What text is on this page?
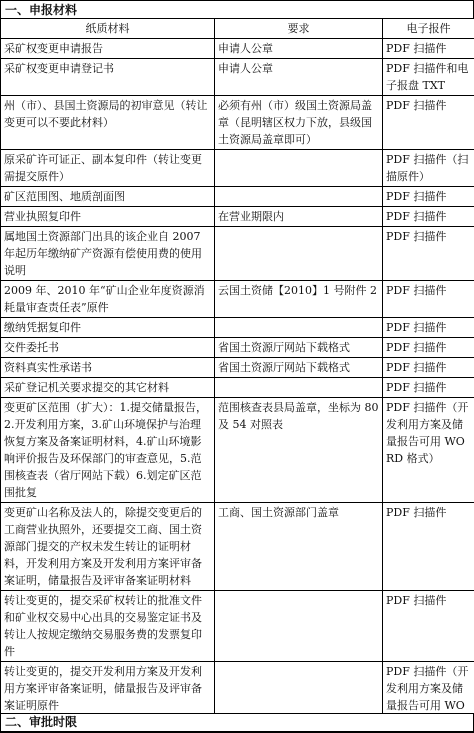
一、申报材料
纸质材料	要求	电子报件
采矿权变更申请报告	申请人公章	PDF 扫描件
采矿权变更申请登记书	申请人公章	PDF 扫描件和电子报盘 TXT
州（市）、县国土资源局的初审意见（转让变更可以不要此材料）	必须有州（市）级国土资源局盖章（昆明辖区权力下放，县级国土资源局盖章即可）	PDF 扫描件
原采矿许可证正、副本复印件（转让变更需提交原件）		PDF 扫描件（扫描原件）
矿区范围图、地质剖面图		PDF 扫描件
营业执照复印件	在营业期限内	PDF 扫描件
属地国土资源部门出具的该企业自 2007 年起历年缴纳矿产资源有偿使用费的使用说明		PDF 扫描件
2009 年、2010 年“矿山企业年度资源消耗量审查责任表”原件	云国土资储【2010】1 号附件 2	PDF 扫描件
缴纳凭据复印件		PDF 扫描件
交件委托书	省国土资源厅网站下载格式	PDF 扫描件
资料真实性承诺书	省国土资源厅网站下载格式	PDF 扫描件
采矿登记机关要求提交的其它材料		PDF 扫描件
变更矿区范围（扩大）：1.提交储量报告，2.开发利用方案，3.矿山环境保护与治理恢复方案及备案证明材料，4.矿山环境影响评价报告及环保部门的审查意见，5.范围核查表（省厅网站下载）6.划定矿区范围批复	范围核查表县局盖章，坐标为 80 及 54 对照表	PDF 扫描件（开发利用方案及储量报告可用 WORD 格式）
变更矿山名称及法人的，除提交变更后的工商营业执照外，还要提交工商、国土资源部门提交的产权未发生转让的证明材料，开发利用方案及开发利用方案评审备案证明，储量报告及评审备案证明材料	工商、国土资源部门盖章	PDF 扫描件
转让变更的，提交采矿权转让的批准文件和矿业权交易中心出具的交易鉴定证书及转让人按规定缴纳交易服务费的发票复印件		PDF 扫描件
转让变更的，提交开发利用方案及开发利用方案评审备案证明，储量报告及评审备案证明原件		PDF 扫描件（开发利用方案及储量报告可用 WO
二、审批时限
